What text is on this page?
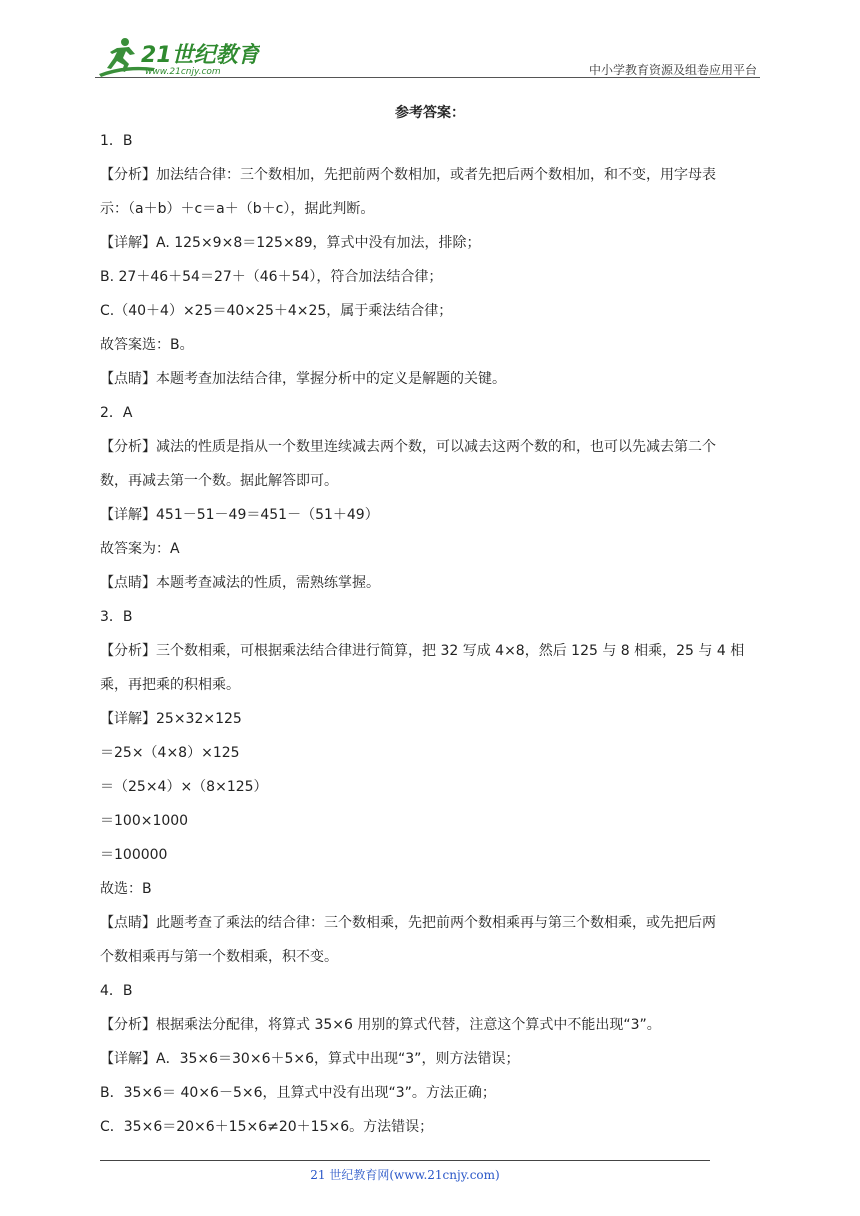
21世纪教育
www.21cnjy.com	中小学教育资源及组卷应用平台
参考答案：

1．B

【分析】加法结合律：三个数相加，先把前两个数相加，或者先把后两个数相加，和不变，用字母表

示：（a＋b）＋c＝a＋（b＋c），据此判断。

【详解】A. 125×9×8＝125×89，算式中没有加法，排除；

B. 27＋46＋54＝27＋（46＋54），符合加法结合律；

C.（40＋4）×25＝40×25＋4×25，属于乘法结合律；

故答案选：B。

【点睛】本题考查加法结合律，掌握分析中的定义是解题的关键。

2．A

【分析】减法的性质是指从一个数里连续减去两个数，可以减去这两个数的和，也可以先减去第二个

数，再减去第一个数。据此解答即可。

【详解】451－51－49＝451－（51＋49）

故答案为：A

【点睛】本题考查减法的性质，需熟练掌握。

3．B

【分析】三个数相乘，可根据乘法结合律进行简算，把 32 写成 4×8，然后 125 与 8 相乘，25 与 4 相

乘，再把乘的积相乘。

【详解】25×32×125

＝25×（4×8）×125

＝（25×4）×（8×125）

＝100×1000

＝100000

故选：B

【点睛】此题考查了乘法的结合律：三个数相乘，先把前两个数相乘再与第三个数相乘，或先把后两

个数相乘再与第一个数相乘，积不变。

4．B

【分析】根据乘法分配律，将算式 35×6 用别的算式代替，注意这个算式中不能出现“3”。

【详解】A．35×6＝30×6＋5×6，算式中出现“3”，则方法错误；

B．35×6＝ 40×6－5×6，且算式中没有出现“3”。方法正确；

C．35×6＝20×6＋15×6≠20＋15×6。方法错误；

21 世纪教育网(www.21cnjy.com)
